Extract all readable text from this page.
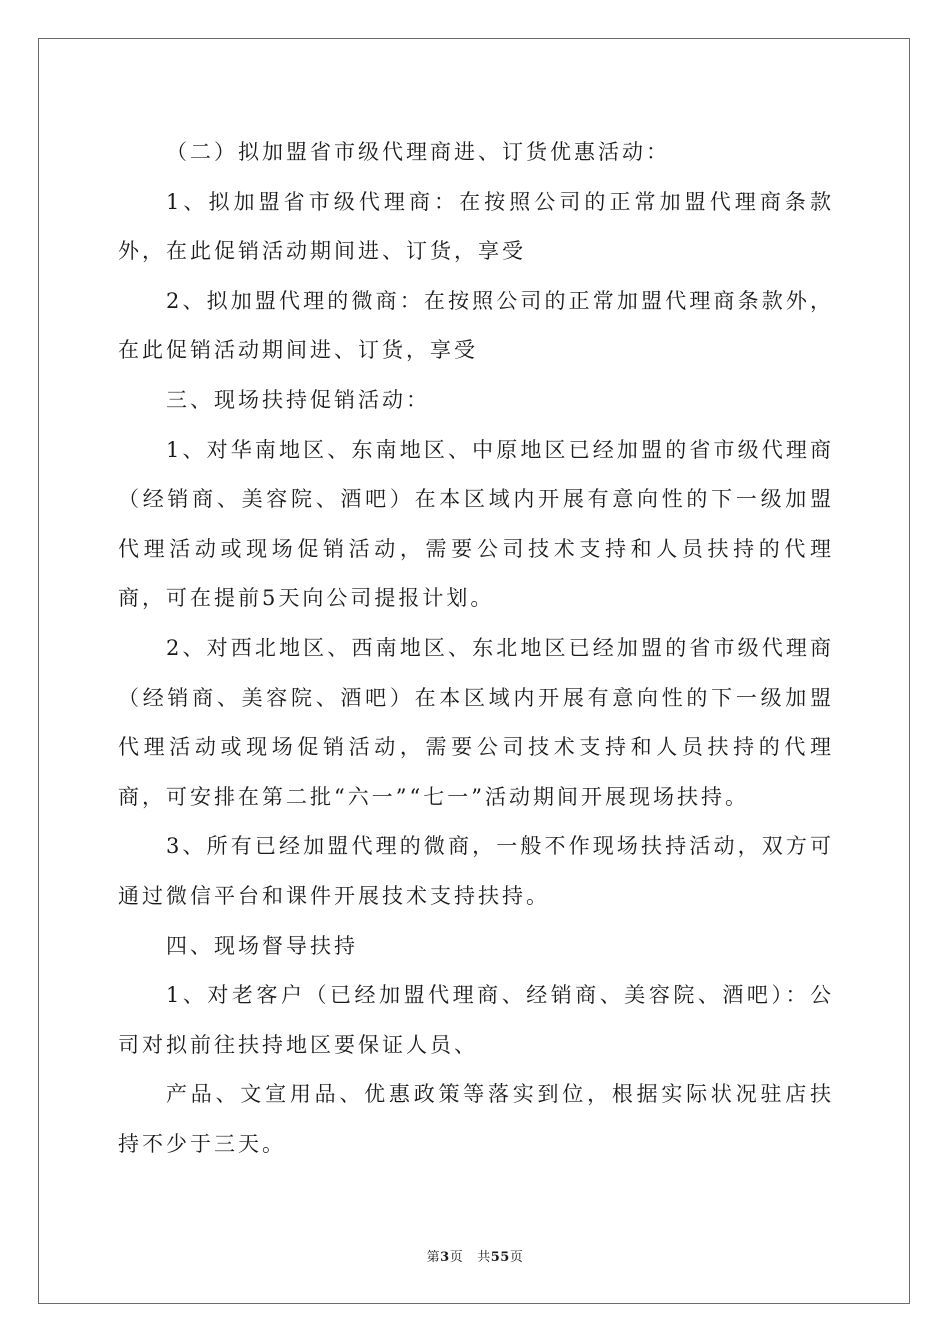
（二）拟加盟省市级代理商进、订货优惠活动：

1、拟加盟省市级代理商：在按照公司的正常加盟代理商条款外，在此促销活动期间进、订货，享受

2、拟加盟代理的微商：在按照公司的正常加盟代理商条款外，在此促销活动期间进、订货，享受

三、现场扶持促销活动：

1、对华南地区、东南地区、中原地区已经加盟的省市级代理商（经销商、美容院、酒吧）在本区域内开展有意向性的下一级加盟代理活动或现场促销活动，需要公司技术支持和人员扶持的代理商，可在提前5天向公司提报计划。

2、对西北地区、西南地区、东北地区已经加盟的省市级代理商（经销商、美容院、酒吧）在本区域内开展有意向性的下一级加盟代理活动或现场促销活动，需要公司技术支持和人员扶持的代理商，可安排在第二批“六一”“七一”活动期间开展现场扶持。

3、所有已经加盟代理的微商，一般不作现场扶持活动，双方可通过微信平台和课件开展技术支持扶持。

四、现场督导扶持

1、对老客户（已经加盟代理商、经销商、美容院、酒吧）：公司对拟前往扶持地区要保证人员、

产品、文宣用品、优惠政策等落实到位，根据实际状况驻店扶持不少于三天。

第3页 共55页
